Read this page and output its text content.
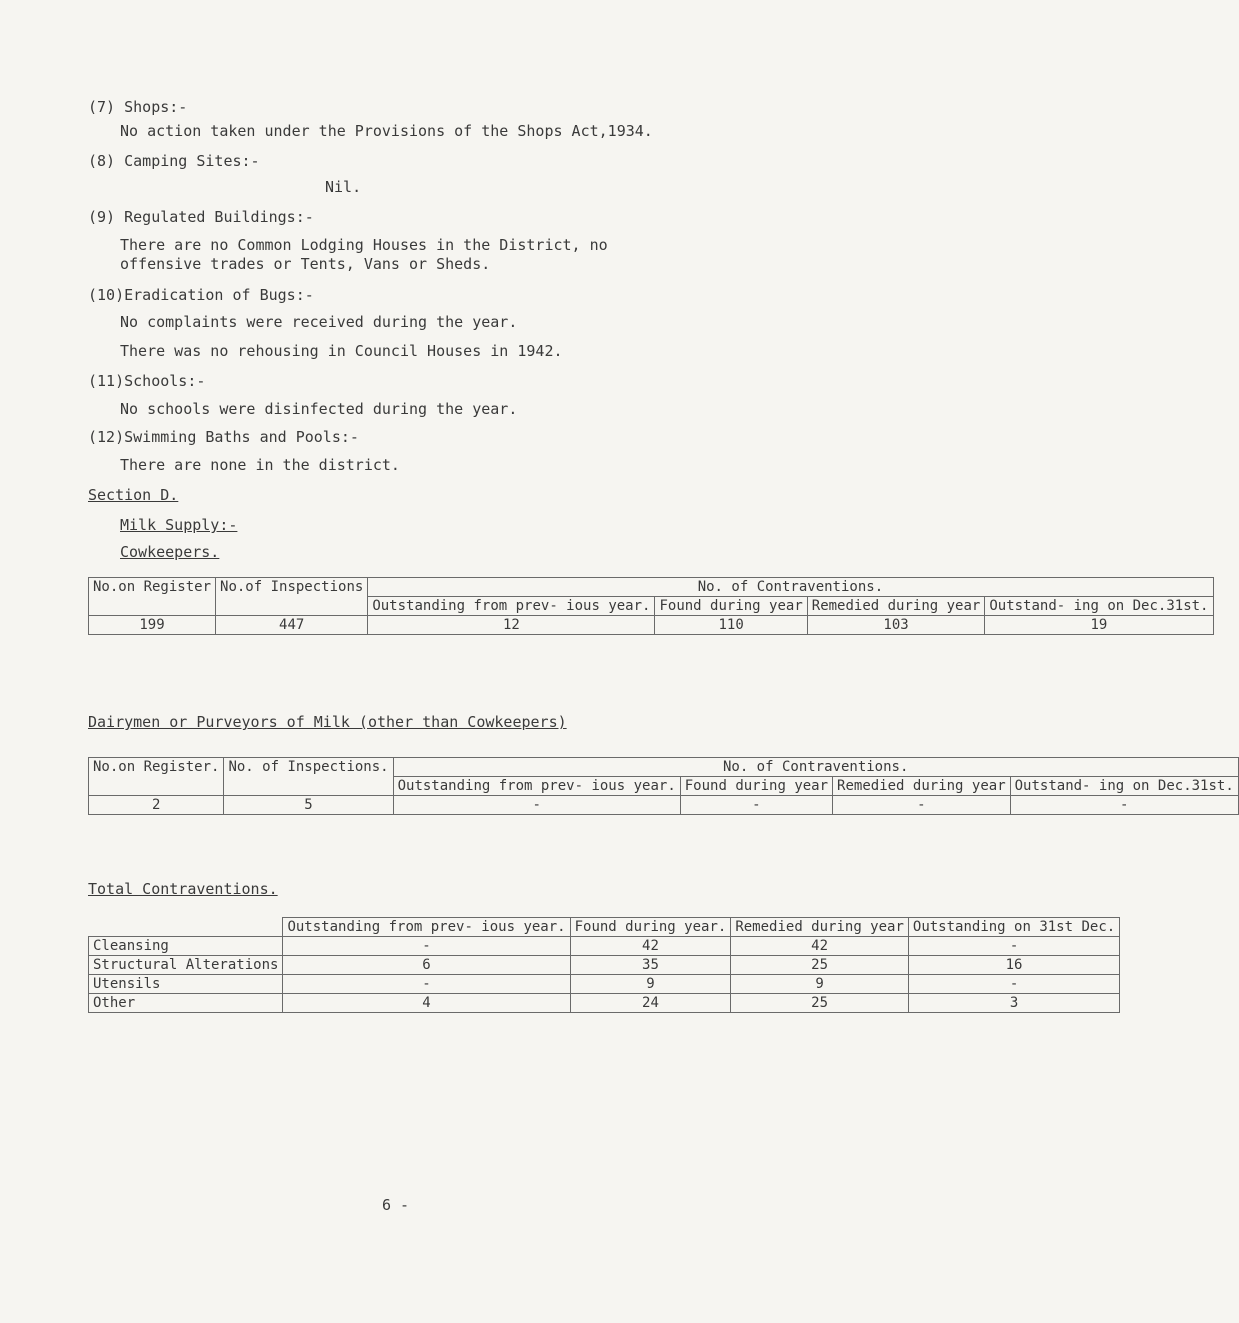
(7) Shops:-
No action taken under the Provisions of the Shops Act,1934.
(8) Camping Sites:-
Nil.
(9) Regulated Buildings:-
There are no Common Lodging Houses in the District, no
offensive trades or Tents, Vans or Sheds.
(10)Eradication of Bugs:-
No complaints were received during the year.
There was no rehousing in Council Houses in 1942.
(11)Schools:-
No schools were disinfected during the year.
(12)Swimming Baths and Pools:-
There are none in the district.
Section D.
Milk Supply:-
Cowkeepers.
No.on Register	No.of Inspections	No. of Contraventions.			
		Outstanding from prev- ious year.	Found during year	Remedied during year	Outstand- ing on Dec.31st.
199	447	12	110	103	19
Dairymen or Purveyors of Milk (other than Cowkeepers)
No.on Register.	No. of Inspections.	No. of Contraventions.			
		Outstanding from prev- ious year.	Found during year	Remedied during year	Outstand- ing on Dec.31st.
2	5	-	-	-	-
Total Contraventions.
	Outstanding from prev- ious year.	Found during year.	Remedied during year	Outstanding on 31st Dec.
Cleansing	-	42	42	-
Structural Alterations	6	35	25	16
Utensils	-	9	9	-
Other	4	24	25	3
6 -
